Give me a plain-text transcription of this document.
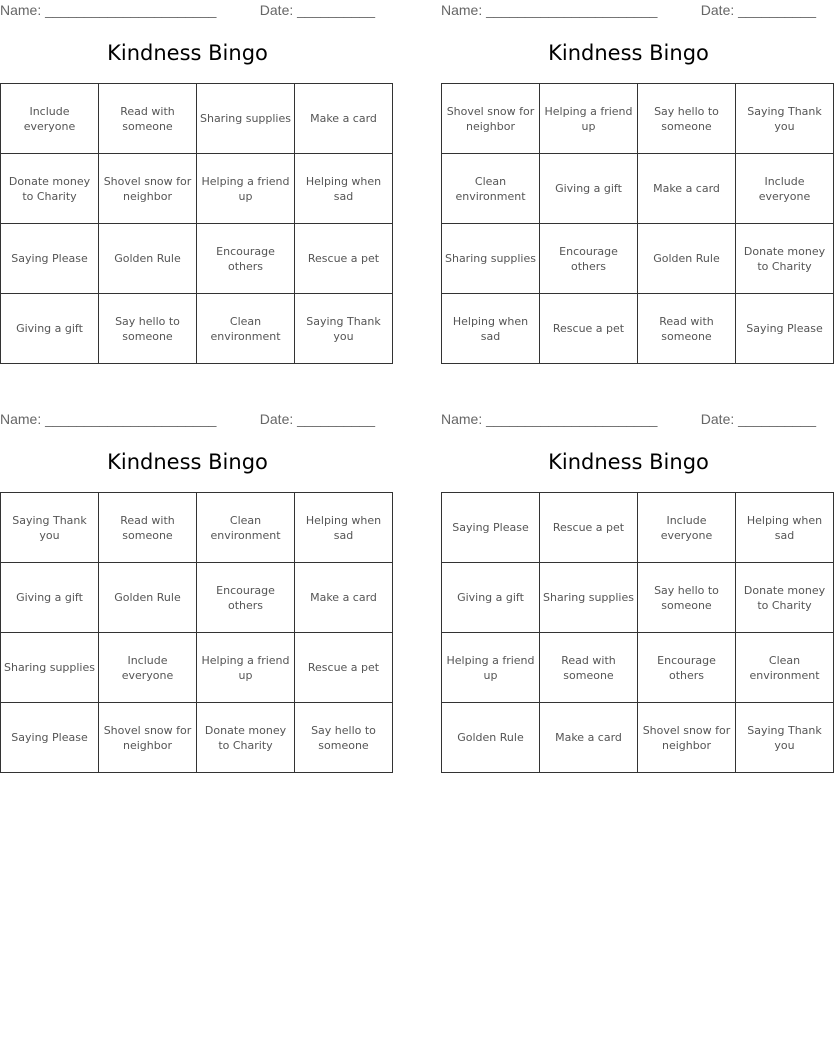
Name: ______________________	Date: __________
Kindness Bingo
Include everyone	Read with someone	Sharing supplies	Make a card
Donate money to Charity	Shovel snow for neighbor	Helping a friend up	Helping when sad
Saying Please	Golden Rule	Encourage others	Rescue a pet
Giving a gift	Say hello to someone	Clean environment	Saying Thank you
Name: ______________________	Date: __________
Kindness Bingo
Shovel snow for neighbor	Helping a friend up	Say hello to someone	Saying Thank you
Clean environment	Giving a gift	Make a card	Include everyone
Sharing supplies	Encourage others	Golden Rule	Donate money to Charity
Helping when sad	Rescue a pet	Read with someone	Saying Please
Name: ______________________	Date: __________
Kindness Bingo
Saying Thank you	Read with someone	Clean environment	Helping when sad
Giving a gift	Golden Rule	Encourage others	Make a card
Sharing supplies	Include everyone	Helping a friend up	Rescue a pet
Saying Please	Shovel snow for neighbor	Donate money to Charity	Say hello to someone
Name: ______________________	Date: __________
Kindness Bingo
Saying Please	Rescue a pet	Include everyone	Helping when sad
Giving a gift	Sharing supplies	Say hello to someone	Donate money to Charity
Helping a friend up	Read with someone	Encourage others	Clean environment
Golden Rule	Make a card	Shovel snow for neighbor	Saying Thank you
